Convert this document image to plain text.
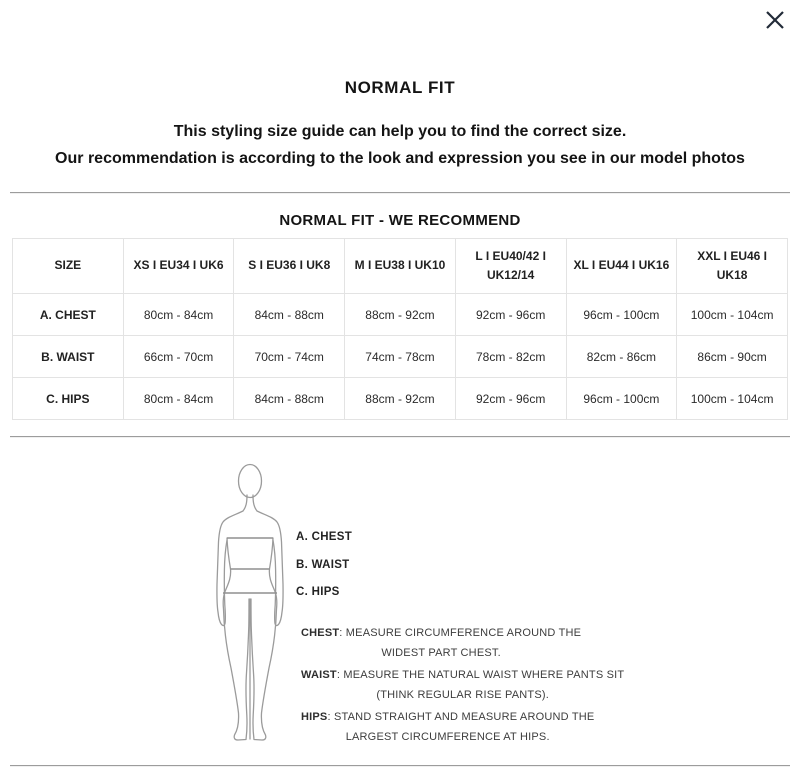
NORMAL FIT
This styling size guide can help you to find the correct size.
Our recommendation is according to the look and expression you see in our model photos
NORMAL FIT - WE RECOMMEND
SIZE	XS I EU34 I UK6	S I EU36 I UK8	M I EU38 I UK10	L I EU40/42 I UK12/14	XL I EU44 I UK16	XXL I EU46 I UK18
A. CHEST	80cm - 84cm	84cm - 88cm	88cm - 92cm	92cm - 96cm	96cm - 100cm	100cm - 104cm
B. WAIST	66cm - 70cm	70cm - 74cm	74cm - 78cm	78cm - 82cm	82cm - 86cm	86cm - 90cm
C. HIPS	80cm - 84cm	84cm - 88cm	88cm - 92cm	92cm - 96cm	96cm - 100cm	100cm - 104cm
A. CHEST
B. WAIST
C. HIPS

CHEST: MEASURE CIRCUMFERENCE AROUND THE
WIDEST PART CHEST.

WAIST: MEASURE THE NATURAL WAIST WHERE PANTS SIT
(THINK REGULAR RISE PANTS).

HIPS: STAND STRAIGHT AND MEASURE AROUND THE
LARGEST CIRCUMFERENCE AT HIPS.
